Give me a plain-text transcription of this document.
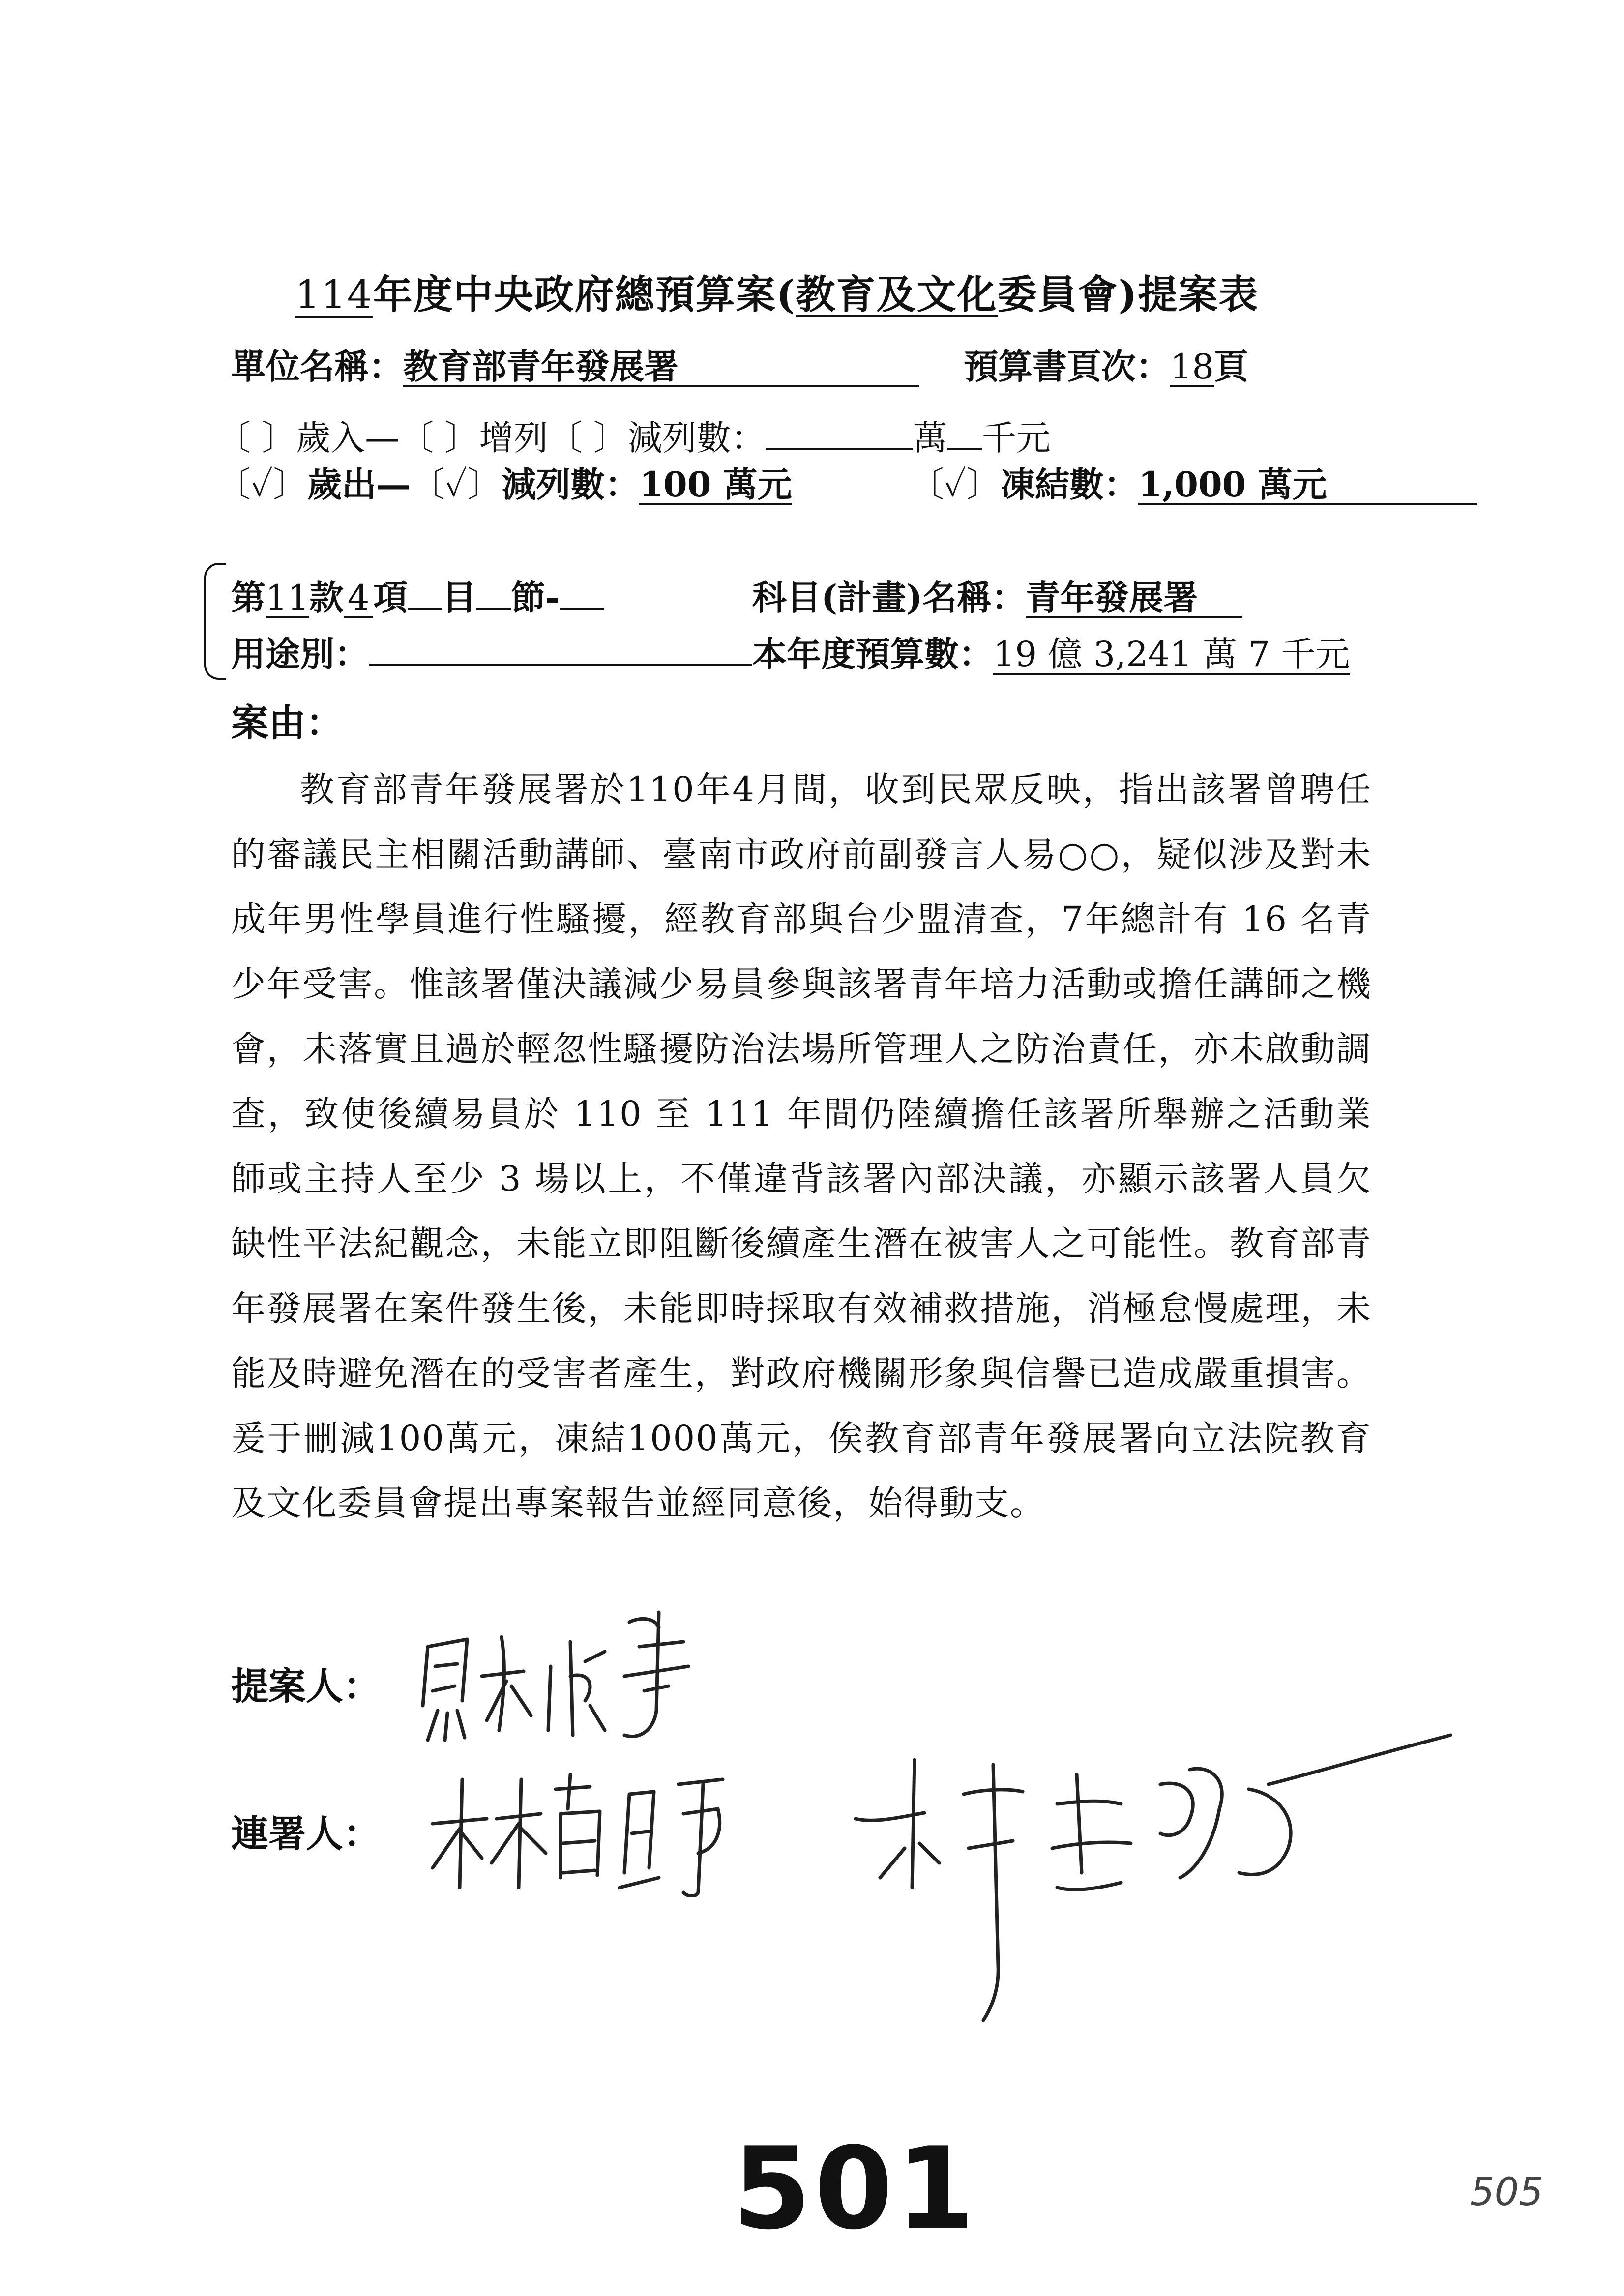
114年度中央政府總預算案(教育及文化委員會)提案表
單位名稱：教育部青年發展署	預算書頁次：18頁
〔 〕歲入—〔 〕增列〔 〕減列數：	萬 千元
〔✓〕歲出—〔✓〕減列數：100 萬元	〔✓〕凍結數：1,000 萬元
第11款 4 項 目 節-	科目(計畫)名稱：青年發展署
用途別：	本年度預算數：19 億 3,241 萬 7 千元
案由：
教育部青年發展署於110年4月間，收到民眾反映，指出該署曾聘任的審議民主相關活動講師、臺南市政府前副發言人易○○，疑似涉及對未成年男性學員進行性騷擾，經教育部與台少盟清查，7年總計有 16 名青少年受害。惟該署僅決議減少易員參與該署青年培力活動或擔任講師之機會，未落實且過於輕忽性騷擾防治法場所管理人之防治責任，亦未啟動調查，致使後續易員於 110 至 111 年間仍陸續擔任該署所舉辦之活動業師或主持人至少 3 場以上，不僅違背該署內部決議，亦顯示該署人員欠缺性平法紀觀念，未能立即阻斷後續產生潛在被害人之可能性。教育部青年發展署在案件發生後，未能即時採取有效補救措施，消極怠慢處理，未能及時避免潛在的受害者產生，對政府機關形象與信譽已造成嚴重損害。爰于刪減100萬元，凍結1000萬元，俟教育部青年發展署向立法院教育及文化委員會提出專案報告並經同意後，始得動支。
提案人：
連署人：
501	505
